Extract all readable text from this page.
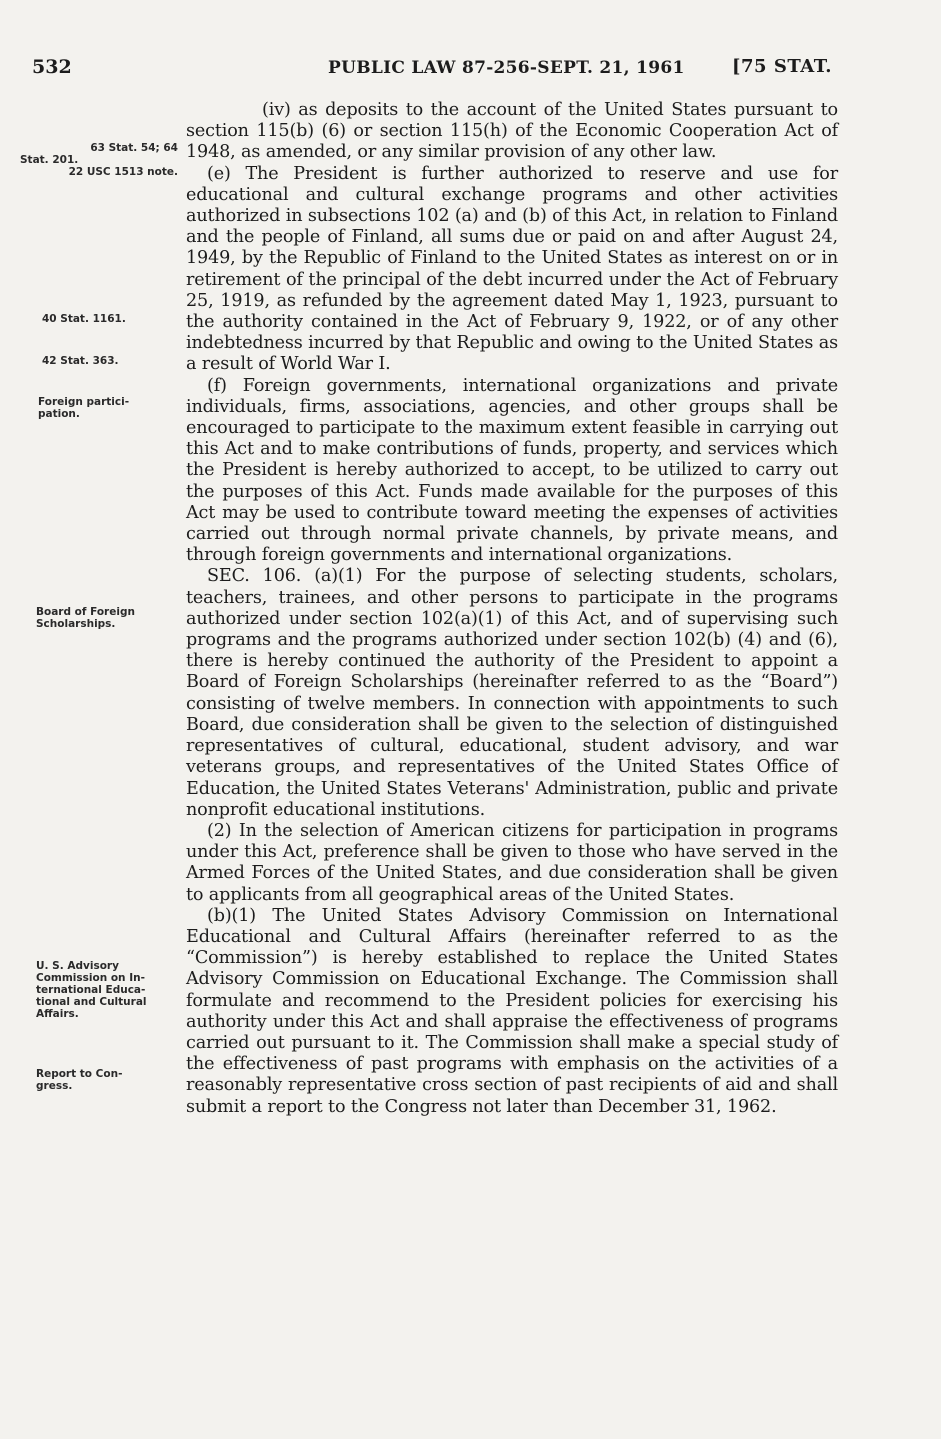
532	PUBLIC LAW 87-256-SEPT. 21, 1961	[75 STAT.
63 Stat. 54; 64
Stat. 201.
22 USC 1513 note.
40 Stat. 1161.
42 Stat. 363.
Foreign partici-
pation.
Board of Foreign
Scholarships.
U. S. Advisory
Commission on In-
ternational Educa-
tional and Cultural
Affairs.
Report to Con-
gress.

(iv) as deposits to the account of the United States pursuant to section 115(b) (6) or section 115(h) of the Economic Cooperation Act of 1948, as amended, or any similar provision of any other law.

(e) The President is further authorized to reserve and use for educational and cultural exchange programs and other activities authorized in subsections 102 (a) and (b) of this Act, in relation to Finland and the people of Finland, all sums due or paid on and after August 24, 1949, by the Republic of Finland to the United States as interest on or in retirement of the principal of the debt incurred under the Act of February 25, 1919, as refunded by the agreement dated May 1, 1923, pursuant to the authority contained in the Act of February 9, 1922, or of any other indebtedness incurred by that Republic and owing to the United States as a result of World War I.

(f) Foreign governments, international organizations and private individuals, firms, associations, agencies, and other groups shall be encouraged to participate to the maximum extent feasible in carrying out this Act and to make contributions of funds, property, and services which the President is hereby authorized to accept, to be utilized to carry out the purposes of this Act. Funds made available for the purposes of this Act may be used to contribute toward meeting the expenses of activities carried out through normal private channels, by private means, and through foreign governments and international organizations.

SEC. 106. (a)(1) For the purpose of selecting students, scholars, teachers, trainees, and other persons to participate in the programs authorized under section 102(a)(1) of this Act, and of supervising such programs and the programs authorized under section 102(b) (4) and (6), there is hereby continued the authority of the President to appoint a Board of Foreign Scholarships (hereinafter referred to as the “Board”) consisting of twelve members. In connection with appointments to such Board, due consideration shall be given to the selection of distinguished representatives of cultural, educational, student advisory, and war veterans groups, and representatives of the United States Office of Education, the United States Veterans' Administration, public and private nonprofit educational institutions.

(2) In the selection of American citizens for participation in programs under this Act, preference shall be given to those who have served in the Armed Forces of the United States, and due consideration shall be given to applicants from all geographical areas of the United States.

(b)(1) The United States Advisory Commission on International Educational and Cultural Affairs (hereinafter referred to as the “Commission”) is hereby established to replace the United States Advisory Commission on Educational Exchange. The Commission shall formulate and recommend to the President policies for exercising his authority under this Act and shall appraise the effectiveness of programs carried out pursuant to it. The Commission shall make a special study of the effectiveness of past programs with emphasis on the activities of a reasonably representative cross section of past recipients of aid and shall submit a report to the Congress not later than December 31, 1962.
